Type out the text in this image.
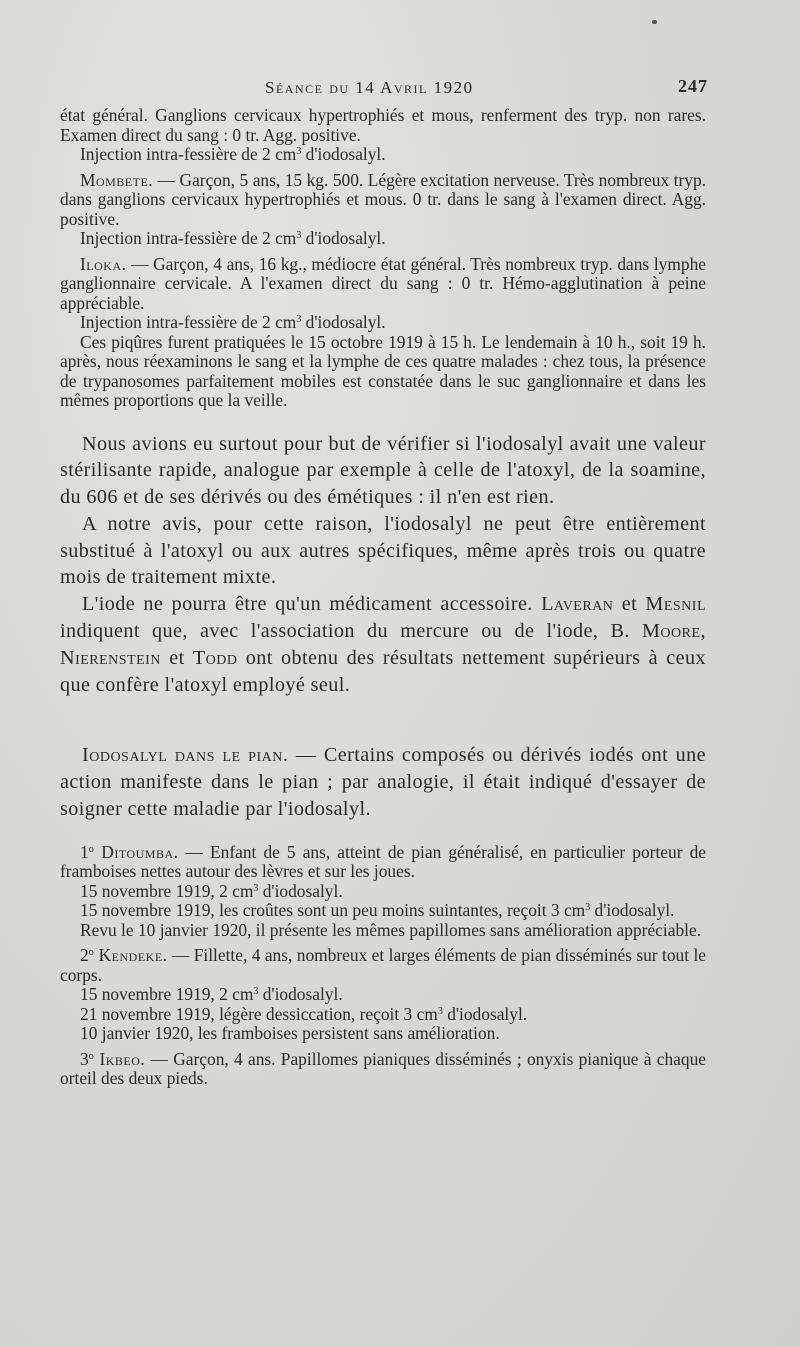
Séance du 14 Avril 1920	247

état général. Ganglions cervicaux hypertrophiés et mous, renferment des tryp. non rares. Examen direct du sang : 0 tr. Agg. positive.

Injection intra-fessière de 2 $cm^3$ d'iodosalyl.

Mombete. — Garçon, 5 ans, 15 kg. 500. Légère excitation nerveuse. Très nombreux tryp. dans ganglions cervicaux hypertrophiés et mous. 0 tr. dans le sang à l'examen direct. Agg. positive.

Injection intra-fessière de 2 $cm^3$ d'iodosalyl.

Iloka. — Garçon, 4 ans, 16 kg., médiocre état général. Très nombreux tryp. dans lymphe ganglionnaire cervicale. A l'examen direct du sang : 0 tr. Hémo-agglutination à peine appréciable.

Injection intra-fessière de 2 $cm^3$ d'iodosalyl.

Ces piqûres furent pratiquées le 15 octobre 1919 à 15 h. Le lendemain à 10 h., soit 19 h. après, nous réexaminons le sang et la lymphe de ces quatre malades : chez tous, la présence de trypanosomes parfaitement mobiles est constatée dans le suc ganglionnaire et dans les mêmes proportions que la veille.

Nous avions eu surtout pour but de vérifier si l'iodosalyl avait une valeur stérilisante rapide, analogue par exemple à celle de l'atoxyl, de la soamine, du 606 et de ses dérivés ou des émétiques : il n'en est rien.

A notre avis, pour cette raison, l'iodosalyl ne peut être entièrement substitué à l'atoxyl ou aux autres spécifiques, même après trois ou quatre mois de traitement mixte.

L'iode ne pourra être qu'un médicament accessoire. Laveran et Mesnil indiquent que, avec l'association du mercure ou de l'iode, B. Moore, Nierenstein et Todd ont obtenu des résultats nettement supérieurs à ceux que confère l'atoxyl employé seul.

Iodosalyl dans le pian. — Certains composés ou dérivés iodés ont une action manifeste dans le pian ; par analogie, il était indiqué d'essayer de soigner cette maladie par l'iodosalyl.

1$^o$ Ditoumba. — Enfant de 5 ans, atteint de pian généralisé, en particulier porteur de framboises nettes autour des lèvres et sur les joues.

15 novembre 1919, 2 $cm^3$ d'iodosalyl.

15 novembre 1919, les croûtes sont un peu moins suintantes, reçoit 3 $cm^3$ d'iodosalyl.

Revu le 10 janvier 1920, il présente les mêmes papillomes sans amélioration appréciable.

2$^o$ Kendeke. — Fillette, 4 ans, nombreux et larges éléments de pian disséminés sur tout le corps.

15 novembre 1919, 2 $cm^3$ d'iodosalyl.

21 novembre 1919, légère dessiccation, reçoit 3 $cm^3$ d'iodosalyl.

10 janvier 1920, les framboises persistent sans amélioration.

3$^o$ Ikbeo. — Garçon, 4 ans. Papillomes pianiques disséminés ; onyxis pianique à chaque orteil des deux pieds.
